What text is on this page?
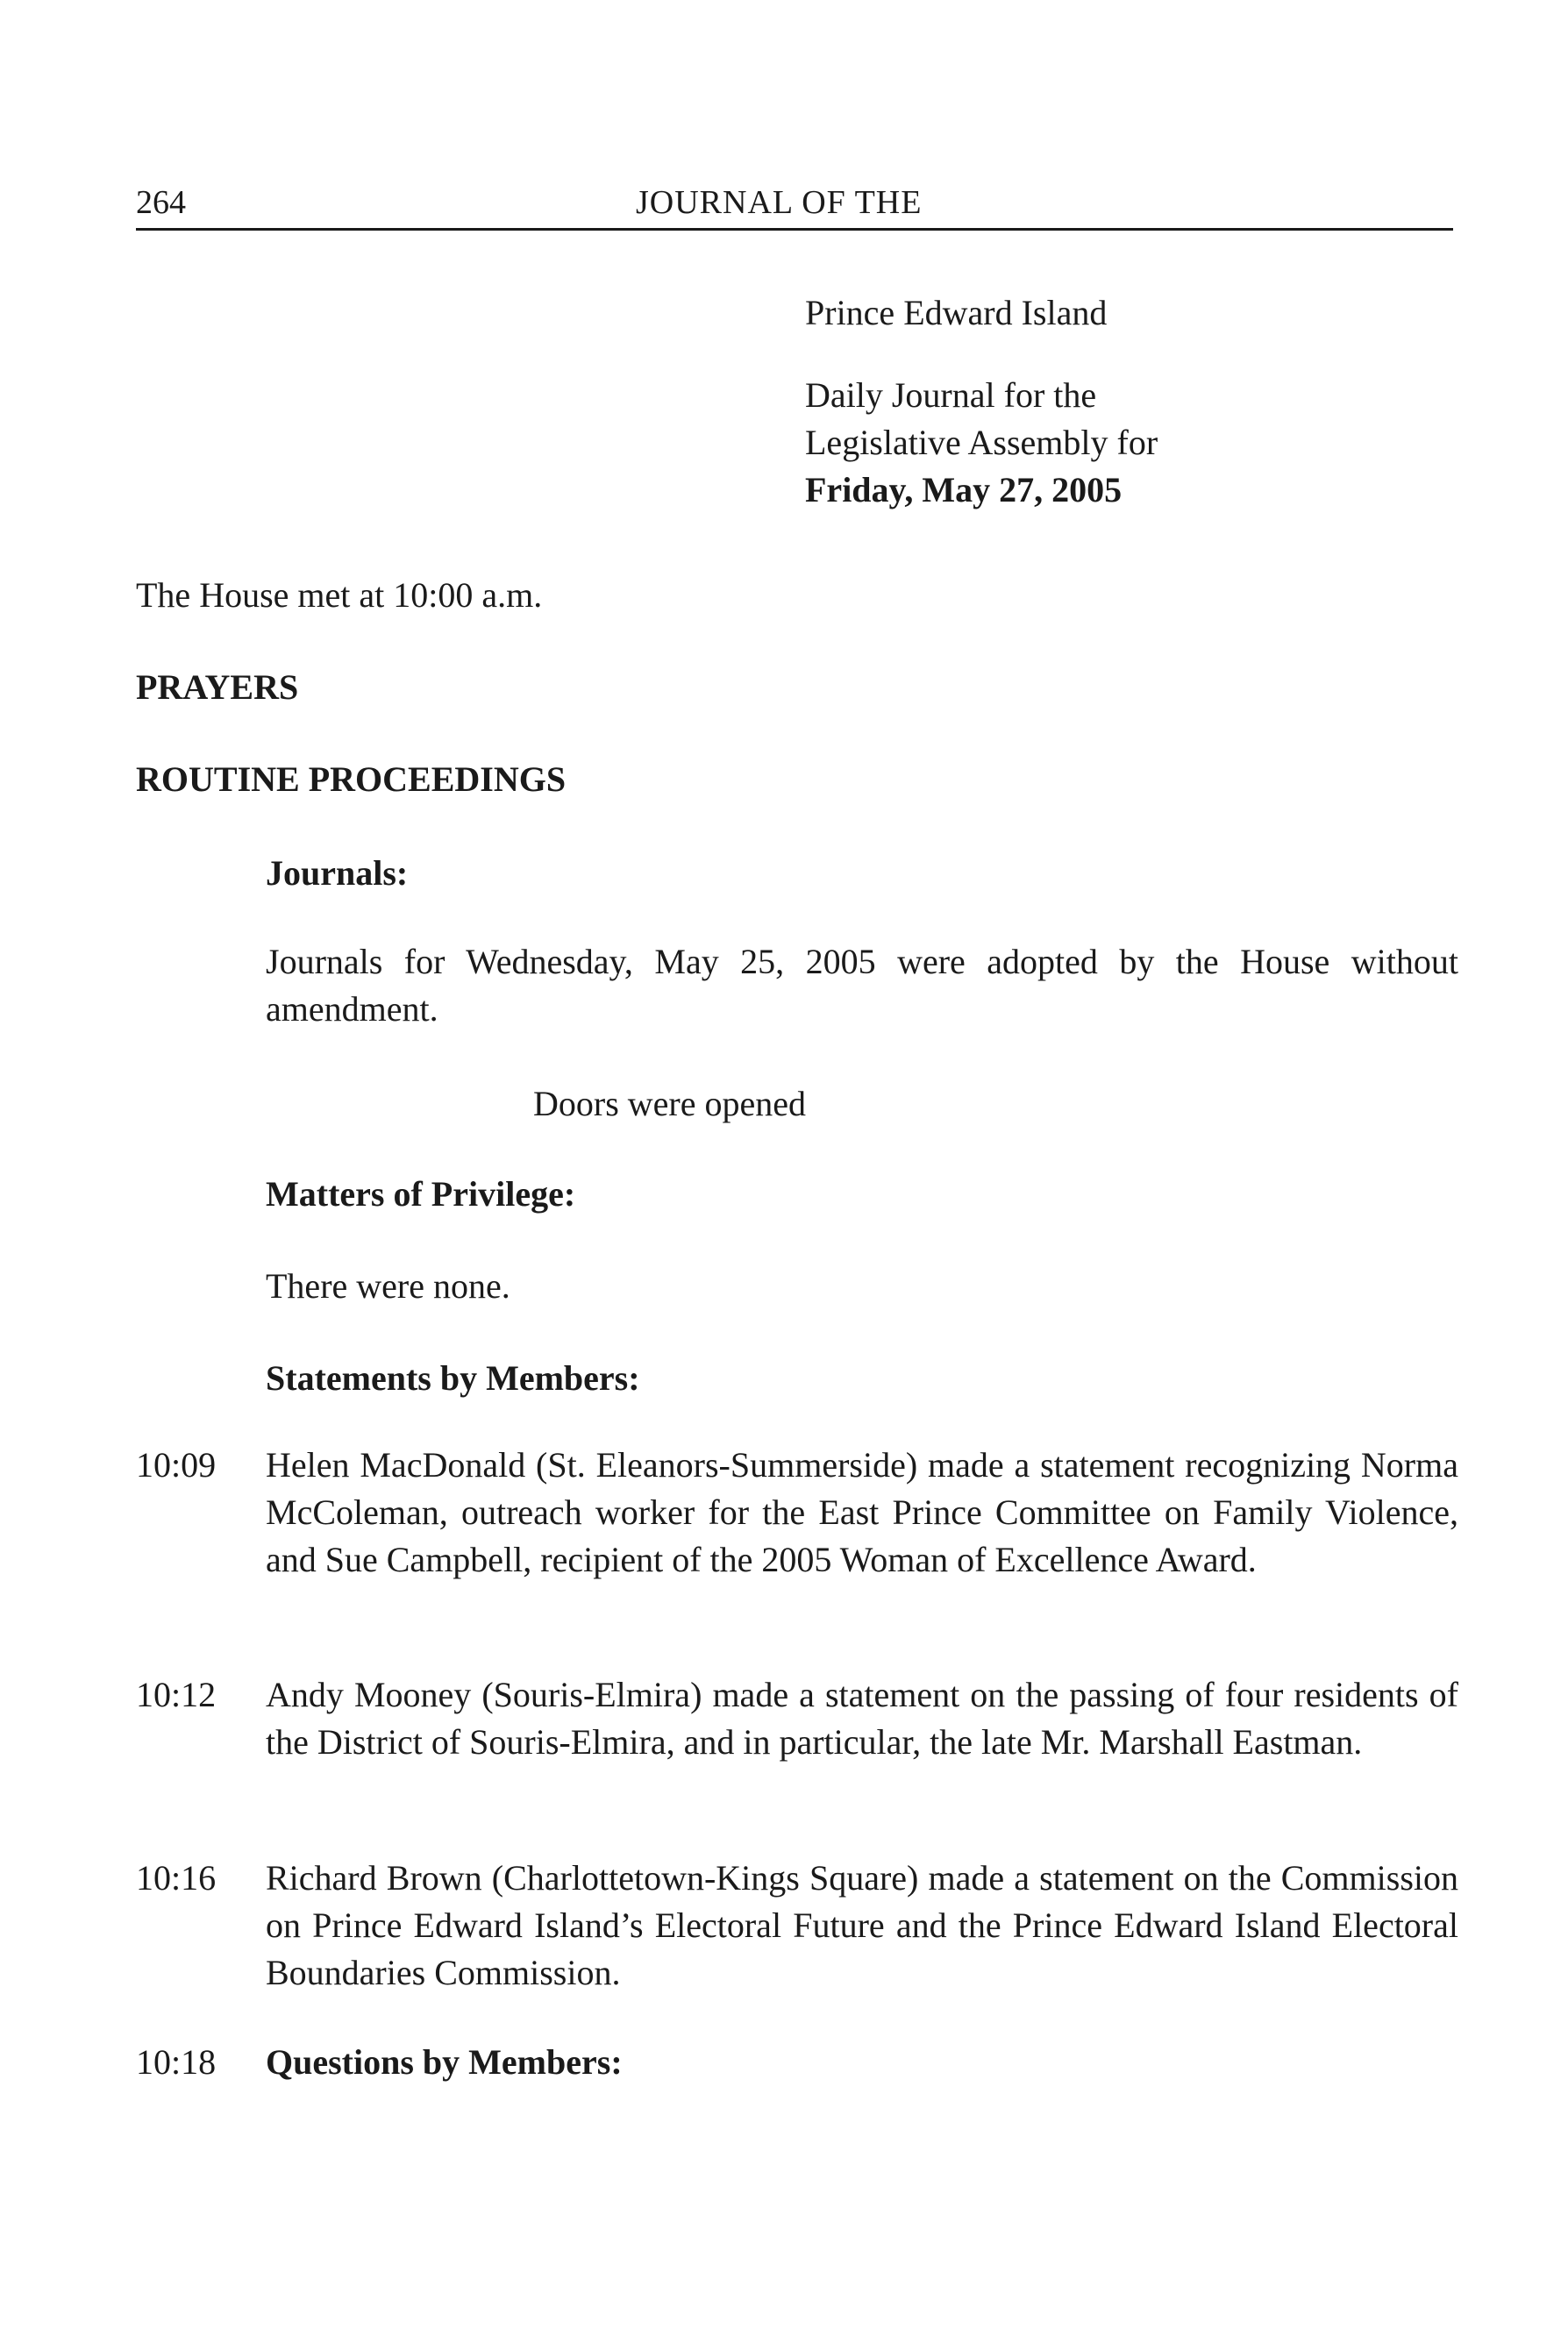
264	JOURNAL OF THE
Prince Edward Island
Daily Journal for the
Legislative Assembly for
Friday, May 27, 2005
The House met at 10:00 a.m.
PRAYERS
ROUTINE PROCEEDINGS
Journals:
Journals for Wednesday, May 25, 2005 were adopted by the House without amendment.
Doors were opened
Matters of Privilege:
There were none.
Statements by Members:
10:09 Helen MacDonald (St. Eleanors-Summerside) made a statement recognizing Norma McColeman, outreach worker for the East Prince Committee on Family Violence, and Sue Campbell, recipient of the 2005 Woman of Excellence Award.
10:12 Andy Mooney (Souris-Elmira) made a statement on the passing of four residents of the District of Souris-Elmira, and in particular, the late Mr. Marshall Eastman.
10:16 Richard Brown (Charlottetown-Kings Square) made a statement on the Commission on Prince Edward Island’s Electoral Future and the Prince Edward Island Electoral Boundaries Commission.
10:18 Questions by Members:
